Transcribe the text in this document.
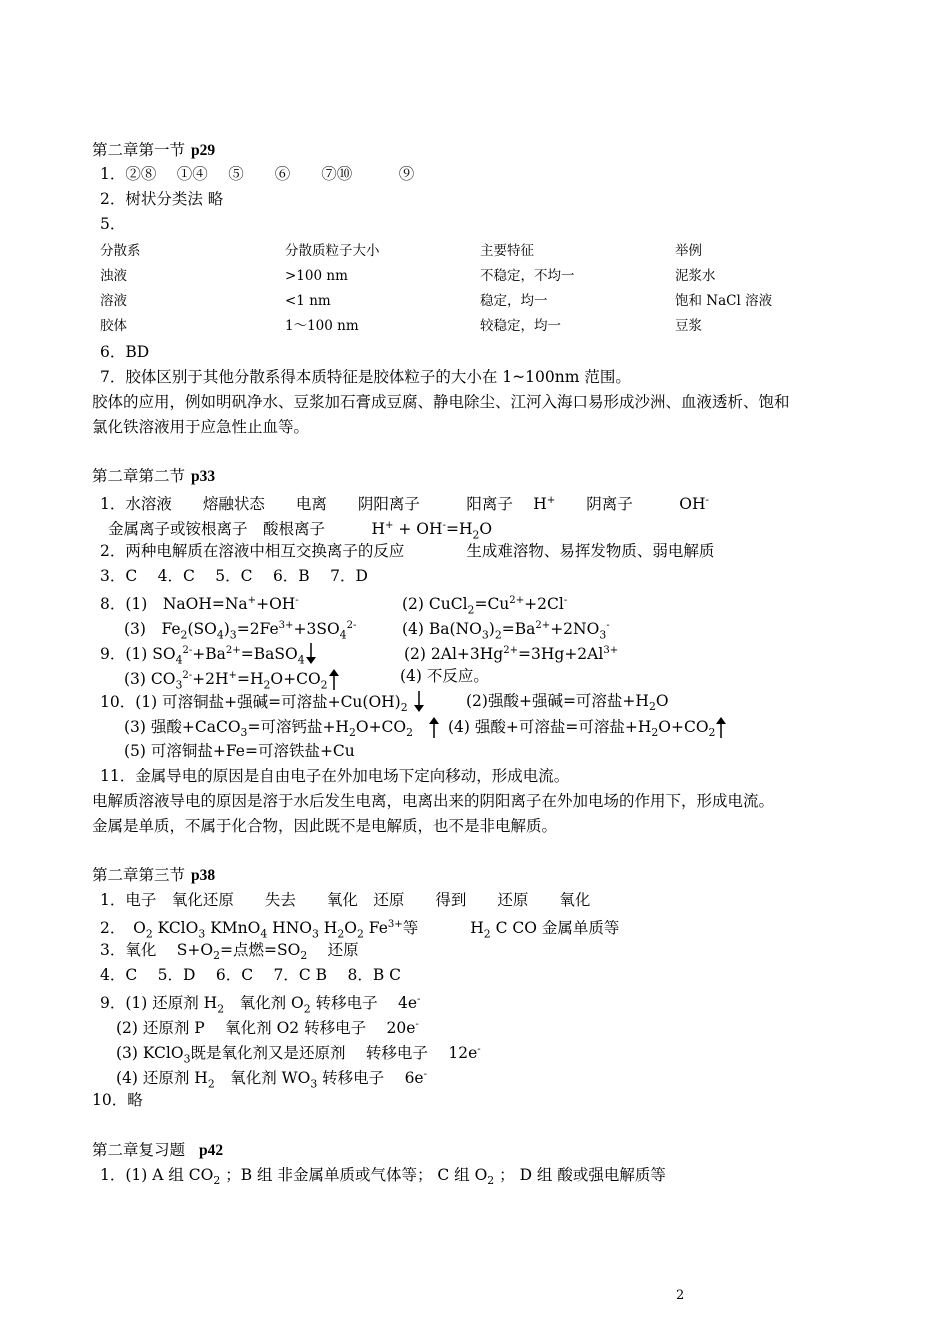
第二章第一节 p29
1．②⑧　 ①④　 ⑤　　⑥　　⑦⑩　　　⑨
2．树状分类法 略
5．
分散系	分散质粒子大小	主要特征	举例
浊液	>100 nm	不稳定，不均一	泥浆水
溶液	<1 nm	稳定，均一	饱和 NaCl 溶液
胶体	1～100 nm	较稳定，均一	豆浆
6．BD
7．胶体区别于其他分散系得本质特征是胶体粒子的大小在 1~100nm 范围。
胶体的应用，例如明矾净水、豆浆加石膏成豆腐、静电除尘、江河入海口易形成沙洲、血液透析、饱和
氯化铁溶液用于应急性止血等。
第二章第二节 p33
1．水溶液　　熔融状态　　电离　　阴阳离子　　　阳离子　 H+　　阴离子　　　OH-
金属离子或铵根离子　酸根离子　　　$H^+ + OH^-=H_2O$
2．两种电解质在溶液中相互交换离子的反应　　　　生成难溶物、易挥发物质、弱电解质
3．C　 4．C　 5．C　 6．B　 7．D
8．(1)　NaOH=Na++OH-	(2) $CuCl_2=Cu^{2+}+2Cl^-$
(3)　$Fe_2(SO_4)_3=2Fe^{3+}+3SO_4^{2-}$	(4) $Ba(NO_3)_2=Ba^{2+}+2NO_3^-$
9．(1) $SO_4^{2-}+Ba^{2+}=BaSO_4$	(2) $2Al+3Hg^{2+}=3Hg+2Al^{3+}$
(3) $CO_3^{2-}+2H^+=H_2O+CO_2$	(4) 不反应。
10．(1) 可溶铜盐+强碱=可溶盐$+Cu(OH)_2$	(2)强酸+强碱=可溶盐$+H_2O$
(3) 强酸+CaCO$_3$=可溶钙盐$+H_2O+CO_2$	(4) 强酸+可溶盐=可溶盐$+H_2O+CO_2$
(5) 可溶铜盐+Fe=可溶铁盐+Cu
11．金属导电的原因是自由电子在外加电场下定向移动，形成电流。
电解质溶液导电的原因是溶于水后发生电离，电离出来的阴阳离子在外加电场的作用下，形成电流。
金属是单质，不属于化合物，因此既不是电解质，也不是非电解质。
第二章第三节 p38
1．电子　氧化还原　　失去　　氧化　还原　　得到　　还原　　氧化
2．　$O_2$ KClO$_3$ KMnO$_4$ $HNO_3$ $H_2O_2$ $Fe^{3+}$等	$H_2$ C CO 金属单质等
3．氧化　 $S+O_2=$点燃$=SO_2$　 还原
4．C　 5．D　 6．C　 7．C B　 8．B C
9．(1) 还原剂 $H_2$　氧化剂 $O_2$ 转移电子　 4e-
(2) 还原剂 P　 氧化剂 O2 转移电子　 20e-
(3) KClO$_3$既是氧化剂又是还原剂　 转移电子　 12e-
(4) 还原剂 $H_2$　氧化剂 $WO_3$ 转移电子　 6e-
10．略
第二章复习题 p42
1．(1) A 组 $CO_2$ ；B 组 非金属单质或气体等； C 组 $O_2$ ； D 组 酸或强电解质等
2
